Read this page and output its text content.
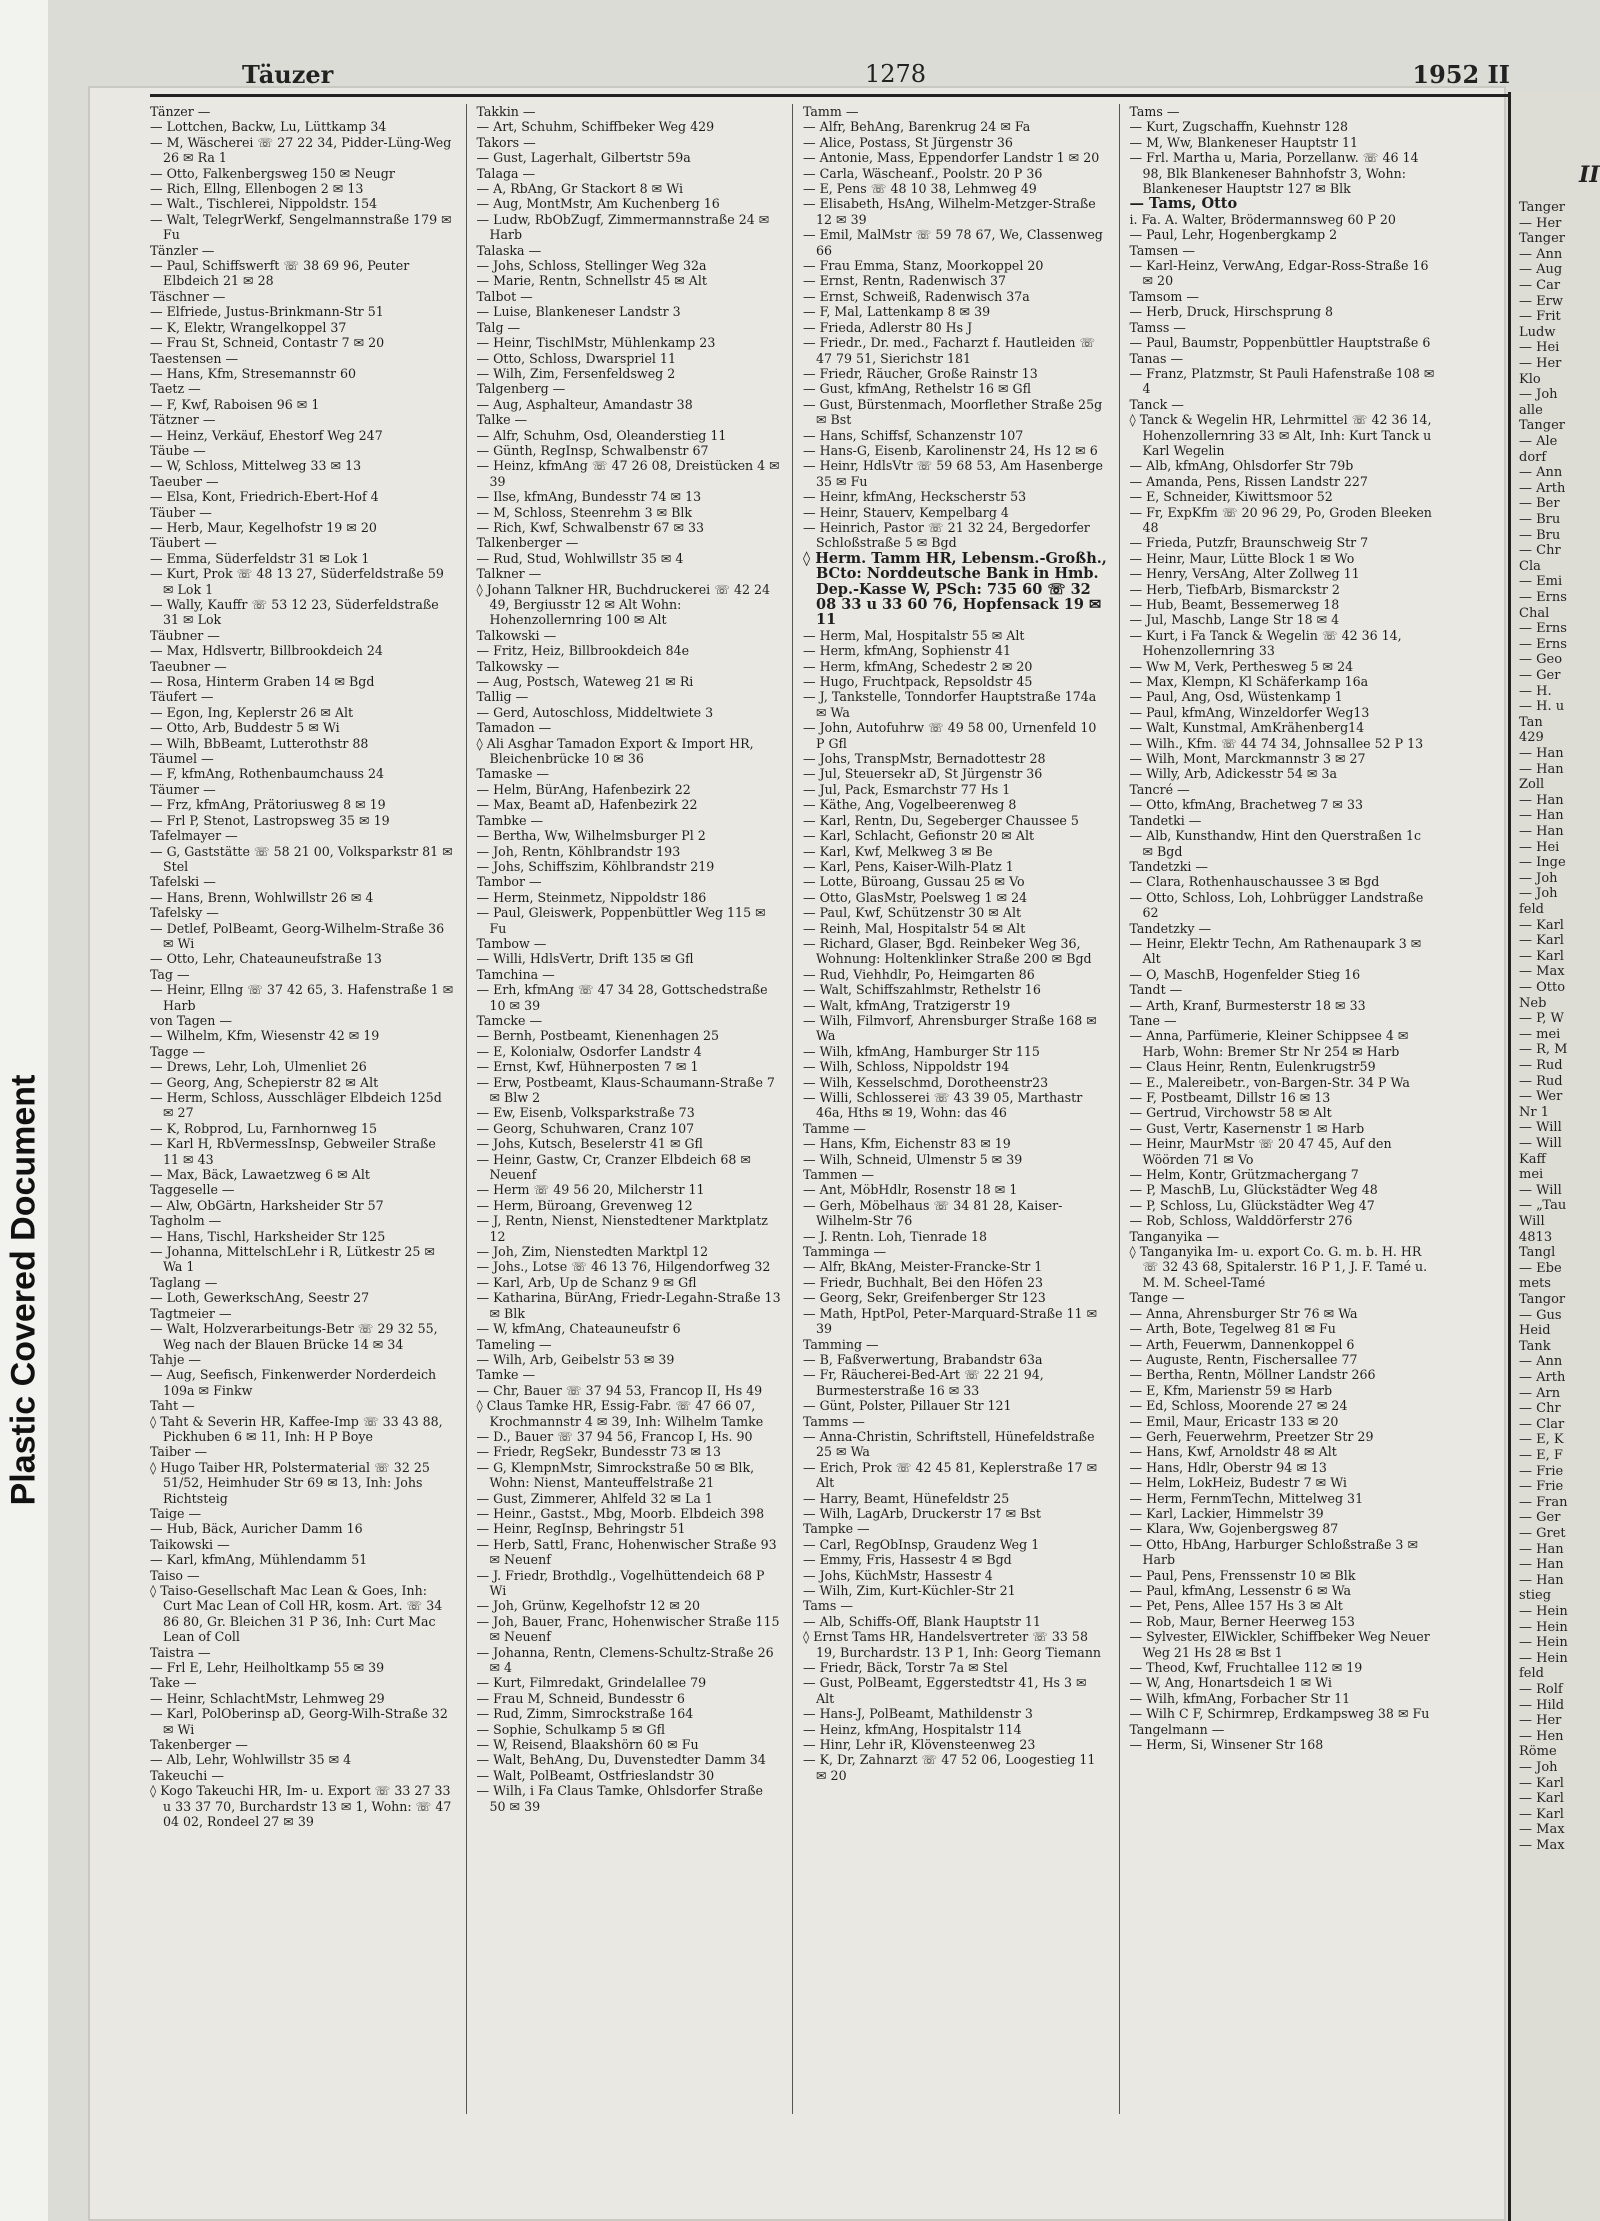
Plastic Covered Document
Täuzer	1278	1952 II
Tänzer —
— Lottchen, Backw, Lu, Lüttkamp 34
— M, Wäscherei ☏ 27 22 34, Pidder-Lüng-Weg 26 ✉ Ra 1
— Otto, Falkenbergsweg 150 ✉ Neugr
— Rich, Ellng, Ellenbogen 2 ✉ 13
— Walt., Tischlerei, Nippoldstr. 154
— Walt, TelegrWerkf, Sengelmannstraße 179 ✉ Fu
Tänzler —
— Paul, Schiffswerft ☏ 38 69 96, Peuter Elbdeich 21 ✉ 28
Täschner —
— Elfriede, Justus-Brinkmann-Str 51
— K, Elektr, Wrangelkoppel 37
— Frau St, Schneid, Contastr 7 ✉ 20
Taestensen —
— Hans, Kfm, Stresemannstr 60
Taetz —
— F, Kwf, Raboisen 96 ✉ 1
Tätzner —
— Heinz, Verkäuf, Ehestorf Weg 247
Täube —
— W, Schloss, Mittelweg 33 ✉ 13
Taeuber —
— Elsa, Kont, Friedrich-Ebert-Hof 4
Täuber —
— Herb, Maur, Kegelhofstr 19 ✉ 20
Täubert —
— Emma, Süderfeldstr 31 ✉ Lok 1
— Kurt, Prok ☏ 48 13 27, Süderfeldstraße 59 ✉ Lok 1
— Wally, Kauffr ☏ 53 12 23, Süderfeldstraße 31 ✉ Lok
Täubner —
— Max, Hdlsvertr, Billbrookdeich 24
Taeubner —
— Rosa, Hinterm Graben 14 ✉ Bgd
Täufert —
— Egon, Ing, Keplerstr 26 ✉ Alt
— Otto, Arb, Buddestr 5 ✉ Wi
— Wilh, BbBeamt, Lutterothstr 88
Täumel —
— F, kfmAng, Rothenbaumchauss 24
Täumer —
— Frz, kfmAng, Prätoriusweg 8 ✉ 19
— Frl P, Stenot, Lastropsweg 35 ✉ 19
Tafelmayer —
— G, Gaststätte ☏ 58 21 00, Volksparkstr 81 ✉ Stel
Tafelski —
— Hans, Brenn, Wohlwillstr 26 ✉ 4
Tafelsky —
— Detlef, PolBeamt, Georg-Wilhelm-Straße 36 ✉ Wi
— Otto, Lehr, Chateauneufstraße 13
Tag —
— Heinr, Ellng ☏ 37 42 65, 3. Hafenstraße 1 ✉ Harb
von Tagen —
— Wilhelm, Kfm, Wiesenstr 42 ✉ 19
Tagge —
— Drews, Lehr, Loh, Ulmenliet 26
— Georg, Ang, Schepierstr 82 ✉ Alt
— Herm, Schloss, Ausschläger Elbdeich 125d ✉ 27
— K, Robprod, Lu, Farnhornweg 15
— Karl H, RbVermessInsp, Gebweiler Straße 11 ✉ 43
— Max, Bäck, Lawaetzweg 6 ✉ Alt
Taggeselle —
— Alw, ObGärtn, Harksheider Str 57
Tagholm —
— Hans, Tischl, Harksheider Str 125
— Johanna, MittelschLehr i R, Lütkestr 25 ✉ Wa 1
Taglang —
— Loth, GewerkschAng, Seestr 27
Tagtmeier —
— Walt, Holzverarbeitungs-Betr ☏ 29 32 55, Weg nach der Blauen Brücke 14 ✉ 34
Tahje —
— Aug, Seefisch, Finkenwerder Norderdeich 109a ✉ Finkw
Taht —
◊ Taht & Severin HR, Kaffee-Imp ☏ 33 43 88, Pickhuben 6 ✉ 11, Inh: H P Boye
Taiber —
◊ Hugo Taiber HR, Polstermaterial ☏ 32 25 51/52, Heimhuder Str 69 ✉ 13, Inh: Johs Richtsteig
Taige —
— Hub, Bäck, Auricher Damm 16
Taikowski —
— Karl, kfmAng, Mühlendamm 51
Taiso —
◊ Taiso-Gesellschaft Mac Lean & Goes, Inh: Curt Mac Lean of Coll HR, kosm. Art. ☏ 34 86 80, Gr. Bleichen 31 P 36, Inh: Curt Mac Lean of Coll
Taistra —
— Frl E, Lehr, Heilholtkamp 55 ✉ 39
Take —
— Heinr, SchlachtMstr, Lehmweg 29
— Karl, PolOberinsp aD, Georg-Wilh-Straße 32 ✉ Wi
Takenberger —
— Alb, Lehr, Wohlwillstr 35 ✉ 4
Takeuchi —
◊ Kogo Takeuchi HR, Im- u. Export ☏ 33 27 33 u 33 37 70, Burchardstr 13 ✉ 1, Wohn: ☏ 47 04 02, Rondeel 27 ✉ 39
Takkin —
— Art, Schuhm, Schiffbeker Weg 429
Takors —
— Gust, Lagerhalt, Gilbertstr 59a
Talaga —
— A, RbAng, Gr Stackort 8 ✉ Wi
— Aug, MontMstr, Am Kuchenberg 16
— Ludw, RbObZugf, Zimmermannstraße 24 ✉ Harb
Talaska —
— Johs, Schloss, Stellinger Weg 32a
— Marie, Rentn, Schnellstr 45 ✉ Alt
Talbot —
— Luise, Blankeneser Landstr 3
Talg —
— Heinr, TischlMstr, Mühlenkamp 23
— Otto, Schloss, Dwarspriel 11
— Wilh, Zim, Fersenfeldsweg 2
Talgenberg —
— Aug, Asphalteur, Amandastr 38
Talke —
— Alfr, Schuhm, Osd, Oleanderstieg 11
— Günth, RegInsp, Schwalbenstr 67
— Heinz, kfmAng ☏ 47 26 08, Dreistücken 4 ✉ 39
— Ilse, kfmAng, Bundesstr 74 ✉ 13
— M, Schloss, Steenrehm 3 ✉ Blk
— Rich, Kwf, Schwalbenstr 67 ✉ 33
Talkenberger —
— Rud, Stud, Wohlwillstr 35 ✉ 4
Talkner —
◊ Johann Talkner HR, Buchdruckerei ☏ 42 24 49, Bergiusstr 12 ✉ Alt Wohn: Hohenzollernring 100 ✉ Alt
Talkowski —
— Fritz, Heiz, Billbrookdeich 84e
Talkowsky —
— Aug, Postsch, Wateweg 21 ✉ Ri
Tallig —
— Gerd, Autoschloss, Middeltwiete 3
Tamadon —
◊ Ali Asghar Tamadon Export & Import HR, Bleichenbrücke 10 ✉ 36
Tamaske —
— Helm, BürAng, Hafenbezirk 22
— Max, Beamt aD, Hafenbezirk 22
Tambke —
— Bertha, Ww, Wilhelmsburger Pl 2
— Joh, Rentn, Köhlbrandstr 193
— Johs, Schiffszim, Köhlbrandstr 219
Tambor —
— Herm, Steinmetz, Nippoldstr 186
— Paul, Gleiswerk, Poppenbüttler Weg 115 ✉ Fu
Tambow —
— Willi, HdlsVertr, Drift 135 ✉ Gfl
Tamchina —
— Erh, kfmAng ☏ 47 34 28, Gottschedstraße 10 ✉ 39
Tamcke —
— Bernh, Postbeamt, Kienenhagen 25
— E, Kolonialw, Osdorfer Landstr 4
— Ernst, Kwf, Hühnerposten 7 ✉ 1
— Erw, Postbeamt, Klaus-Schaumann-Straße 7 ✉ Blw 2
— Ew, Eisenb, Volksparkstraße 73
— Georg, Schuhwaren, Cranz 107
— Johs, Kutsch, Beselerstr 41 ✉ Gfl
— Heinr, Gastw, Cr, Cranzer Elbdeich 68 ✉ Neuenf
— Herm ☏ 49 56 20, Milcherstr 11
— Herm, Büroang, Grevenweg 12
— J, Rentn, Nienst, Nienstedtener Marktplatz 12
— Joh, Zim, Nienstedten Marktpl 12
— Johs., Lotse ☏ 46 13 76, Hilgendorfweg 32
— Karl, Arb, Up de Schanz 9 ✉ Gfl
— Katharina, BürAng, Friedr-Legahn-Straße 13 ✉ Blk
— W, kfmAng, Chateauneufstr 6
Tameling —
— Wilh, Arb, Geibelstr 53 ✉ 39
Tamke —
— Chr, Bauer ☏ 37 94 53, Francop II, Hs 49
◊ Claus Tamke HR, Essig-Fabr. ☏ 47 66 07, Krochmannstr 4 ✉ 39, Inh: Wilhelm Tamke
— D., Bauer ☏ 37 94 56, Francop I, Hs. 90
— Friedr, RegSekr, Bundesstr 73 ✉ 13
— G, KlempnMstr, Simrockstraße 50 ✉ Blk, Wohn: Nienst, Manteuffelstraße 21
— Gust, Zimmerer, Ahlfeld 32 ✉ La 1
— Heinr., Gastst., Mbg, Moorb. Elbdeich 398
— Heinr, RegInsp, Behringstr 51
— Herb, Sattl, Franc, Hohenwischer Straße 93 ✉ Neuenf
— J. Friedr, Brothdlg., Vogelhüttendeich 68 P Wi
— Joh, Grünw, Kegelhofstr 12 ✉ 20
— Joh, Bauer, Franc, Hohenwischer Straße 115 ✉ Neuenf
— Johanna, Rentn, Clemens-Schultz-Straße 26 ✉ 4
— Kurt, Filmredakt, Grindelallee 79
— Frau M, Schneid, Bundesstr 6
— Rud, Zimm, Simrockstraße 164
— Sophie, Schulkamp 5 ✉ Gfl
— W, Reisend, Blaakshörn 60 ✉ Fu
— Walt, BehAng, Du, Duvenstedter Damm 34
— Walt, PolBeamt, Ostfrieslandstr 30
— Wilh, i Fa Claus Tamke, Ohlsdorfer Straße 50 ✉ 39
Tamm —
— Alfr, BehAng, Barenkrug 24 ✉ Fa
— Alice, Postass, St Jürgenstr 36
— Antonie, Mass, Eppendorfer Landstr 1 ✉ 20
— Carla, Wäscheanf., Poolstr. 20 P 36
— E, Pens ☏ 48 10 38, Lehmweg 49
— Elisabeth, HsAng, Wilhelm-Metzger-Straße 12 ✉ 39
— Emil, MalMstr ☏ 59 78 67, We, Classenweg 66
— Frau Emma, Stanz, Moorkoppel 20
— Ernst, Rentn, Radenwisch 37
— Ernst, Schweiß, Radenwisch 37a
— F, Mal, Lattenkamp 8 ✉ 39
— Frieda, Adlerstr 80 Hs J
— Friedr., Dr. med., Facharzt f. Hautleiden ☏ 47 79 51, Sierichstr 181
— Friedr, Räucher, Große Rainstr 13
— Gust, kfmAng, Rethelstr 16 ✉ Gfl
— Gust, Bürstenmach, Moorflether Straße 25g ✉ Bst
— Hans, Schiffsf, Schanzenstr 107
— Hans-G, Eisenb, Karolinenstr 24, Hs 12 ✉ 6
— Heinr, HdlsVtr ☏ 59 68 53, Am Hasenberge 35 ✉ Fu
— Heinr, kfmAng, Heckscherstr 53
— Heinr, Stauerv, Kempelbarg 4
— Heinrich, Pastor ☏ 21 32 24, Bergedorfer Schloßstraße 5 ✉ Bgd
◊ Herm. Tamm HR, Lebensm.-Großh., BCto: Norddeutsche Bank in Hmb. Dep.-Kasse W, PSch: 735 60 ☏ 32 08 33 u 33 60 76, Hopfensack 19 ✉ 11
— Herm, Mal, Hospitalstr 55 ✉ Alt
— Herm, kfmAng, Sophienstr 41
— Herm, kfmAng, Schedestr 2 ✉ 20
— Hugo, Fruchtpack, Repsoldstr 45
— J, Tankstelle, Tonndorfer Hauptstraße 174a ✉ Wa
— John, Autofuhrw ☏ 49 58 00, Urnenfeld 10 P Gfl
— Johs, TranspMstr, Bernadottestr 28
— Jul, Steuersekr aD, St Jürgenstr 36
— Jul, Pack, Esmarchstr 77 Hs 1
— Käthe, Ang, Vogelbeerenweg 8
— Karl, Rentn, Du, Segeberger Chaussee 5
— Karl, Schlacht, Gefionstr 20 ✉ Alt
— Karl, Kwf, Melkweg 3 ✉ Be
— Karl, Pens, Kaiser-Wilh-Platz 1
— Lotte, Büroang, Gussau 25 ✉ Vo
— Otto, GlasMstr, Poelsweg 1 ✉ 24
— Paul, Kwf, Schützenstr 30 ✉ Alt
— Reinh, Mal, Hospitalstr 54 ✉ Alt
— Richard, Glaser, Bgd. Reinbeker Weg 36, Wohnung: Holtenklinker Straße 200 ✉ Bgd
— Rud, Viehhdlr, Po, Heimgarten 86
— Walt, Schiffszahlmstr, Rethelstr 16
— Walt, kfmAng, Tratzigerstr 19
— Wilh, Filmvorf, Ahrensburger Straße 168 ✉ Wa
— Wilh, kfmAng, Hamburger Str 115
— Wilh, Schloss, Nippoldstr 194
— Wilh, Kesselschmd, Dorotheenstr23
— Willi, Schlosserei ☏ 43 39 05, Marthastr 46a, Hths ✉ 19, Wohn: das 46
Tamme —
— Hans, Kfm, Eichenstr 83 ✉ 19
— Wilh, Schneid, Ulmenstr 5 ✉ 39
Tammen —
— Ant, MöbHdlr, Rosenstr 18 ✉ 1
— Gerh, Möbelhaus ☏ 34 81 28, Kaiser-Wilhelm-Str 76
— J. Rentn. Loh, Tienrade 18
Tamminga —
— Alfr, BkAng, Meister-Francke-Str 1
— Friedr, Buchhalt, Bei den Höfen 23
— Georg, Sekr, Greifenberger Str 123
— Math, HptPol, Peter-Marquard-Straße 11 ✉ 39
Tamming —
— B, Faßverwertung, Brabandstr 63a
— Fr, Räucherei-Bed-Art ☏ 22 21 94, Burmesterstraße 16 ✉ 33
— Günt, Polster, Pillauer Str 121
Tamms —
— Anna-Christin, Schriftstell, Hünefeldstraße 25 ✉ Wa
— Erich, Prok ☏ 42 45 81, Keplerstraße 17 ✉ Alt
— Harry, Beamt, Hünefeldstr 25
— Wilh, LagArb, Druckerstr 17 ✉ Bst
Tampke —
— Carl, RegObInsp, Graudenz Weg 1
— Emmy, Fris, Hassestr 4 ✉ Bgd
— Johs, KüchMstr, Hassestr 4
— Wilh, Zim, Kurt-Küchler-Str 21
Tams —
— Alb, Schiffs-Off, Blank Hauptstr 11
◊ Ernst Tams HR, Handelsvertreter ☏ 33 58 19, Burchardstr. 13 P 1, Inh: Georg Tiemann
— Friedr, Bäck, Torstr 7a ✉ Stel
— Gust, PolBeamt, Eggerstedtstr 41, Hs 3 ✉ Alt
— Hans-J, PolBeamt, Mathildenstr 3
— Heinz, kfmAng, Hospitalstr 114
— Hinr, Lehr iR, Klövensteenweg 23
— K, Dr, Zahnarzt ☏ 47 52 06, Loogestieg 11 ✉ 20
Tams —
— Kurt, Zugschaffn, Kuehnstr 128
— M, Ww, Blankeneser Hauptstr 11
— Frl. Martha u, Maria, Porzellanw. ☏ 46 14 98, Blk Blankeneser Bahnhofstr 3, Wohn: Blankeneser Hauptstr 127 ✉ Blk
— Tams, Otto
i. Fa. A. Walter, Brödermannsweg 60 P 20
— Paul, Lehr, Hogenbergkamp 2
Tamsen —
— Karl-Heinz, VerwAng, Edgar-Ross-Straße 16 ✉ 20
Tamsom —
— Herb, Druck, Hirschsprung 8
Tamss —
— Paul, Baumstr, Poppenbüttler Hauptstraße 6
Tanas —
— Franz, Platzmstr, St Pauli Hafenstraße 108 ✉ 4
Tanck —
◊ Tanck & Wegelin HR, Lehrmittel ☏ 42 36 14, Hohenzollernring 33 ✉ Alt, Inh: Kurt Tanck u Karl Wegelin
— Alb, kfmAng, Ohlsdorfer Str 79b
— Amanda, Pens, Rissen Landstr 227
— E, Schneider, Kiwittsmoor 52
— Fr, ExpKfm ☏ 20 96 29, Po, Groden Bleeken 48
— Frieda, Putzfr, Braunschweig Str 7
— Heinr, Maur, Lütte Block 1 ✉ Wo
— Henry, VersAng, Alter Zollweg 11
— Herb, TiefbArb, Bismarckstr 2
— Hub, Beamt, Bessemerweg 18
— Jul, Maschb, Lange Str 18 ✉ 4
— Kurt, i Fa Tanck & Wegelin ☏ 42 36 14, Hohenzollernring 33
— Ww M, Verk, Perthesweg 5 ✉ 24
— Max, Klempn, Kl Schäferkamp 16a
— Paul, Ang, Osd, Wüstenkamp 1
— Paul, kfmAng, Winzeldorfer Weg13
— Walt, Kunstmal, AmKrähenberg14
— Wilh., Kfm. ☏ 44 74 34, Johnsallee 52 P 13
— Wilh, Mont, Marckmannstr 3 ✉ 27
— Willy, Arb, Adickesstr 54 ✉ 3a
Tancré —
— Otto, kfmAng, Brachetweg 7 ✉ 33
Tandetki —
— Alb, Kunsthandw, Hint den Querstraßen 1c ✉ Bgd
Tandetzki —
— Clara, Rothenhauschaussee 3 ✉ Bgd
— Otto, Schloss, Loh, Lohbrügger Landstraße 62
Tandetzky —
— Heinr, Elektr Techn, Am Rathenaupark 3 ✉ Alt
— O, MaschB, Hogenfelder Stieg 16
Tandt —
— Arth, Kranf, Burmesterstr 18 ✉ 33
Tane —
— Anna, Parfümerie, Kleiner Schippsee 4 ✉ Harb, Wohn: Bremer Str Nr 254 ✉ Harb
— Claus Heinr, Rentn, Eulenkrugstr59
— E., Malereibetr., von-Bargen-Str. 34 P Wa
— F, Postbeamt, Dillstr 16 ✉ 13
— Gertrud, Virchowstr 58 ✉ Alt
— Gust, Vertr, Kasernenstr 1 ✉ Harb
— Heinr, MaurMstr ☏ 20 47 45, Auf den Wöörden 71 ✉ Vo
— Helm, Kontr, Grützmachergang 7
— P, MaschB, Lu, Glückstädter Weg 48
— P, Schloss, Lu, Glückstädter Weg 47
— Rob, Schloss, Walddörferstr 276
Tanganyika —
◊ Tanganyika Im- u. export Co. G. m. b. H. HR ☏ 32 43 68, Spitalerstr. 16 P 1, J. F. Tamé u. M. M. Scheel-Tamé
Tange —
— Anna, Ahrensburger Str 76 ✉ Wa
— Arth, Bote, Tegelweg 81 ✉ Fu
— Arth, Feuerwm, Dannenkoppel 6
— Auguste, Rentn, Fischersallee 77
— Bertha, Rentn, Möllner Landstr 266
— E, Kfm, Marienstr 59 ✉ Harb
— Ed, Schloss, Moorende 27 ✉ 24
— Emil, Maur, Ericastr 133 ✉ 20
— Gerh, Feuerwehrm, Preetzer Str 29
— Hans, Kwf, Arnoldstr 48 ✉ Alt
— Hans, Hdlr, Oberstr 94 ✉ 13
— Helm, LokHeiz, Budestr 7 ✉ Wi
— Herm, FernmTechn, Mittelweg 31
— Karl, Lackier, Himmelstr 39
— Klara, Ww, Gojenbergsweg 87
— Otto, HbAng, Harburger Schloßstraße 3 ✉ Harb
— Paul, Pens, Frenssenstr 10 ✉ Blk
— Paul, kfmAng, Lessenstr 6 ✉ Wa
— Pet, Pens, Allee 157 Hs 3 ✉ Alt
— Rob, Maur, Berner Heerweg 153
— Sylvester, ElWickler, Schiffbeker Weg Neuer Weg 21 Hs 28 ✉ Bst 1
— Theod, Kwf, Fruchtallee 112 ✉ 19
— W, Ang, Honartsdeich 1 ✉ Wi
— Wilh, kfmAng, Forbacher Str 11
— Wilh C F, Schirmrep, Erdkampsweg 38 ✉ Fu
Tangelmann —
— Herm, Si, Winsener Str 168
II
Tanger
— Her
Tanger
— Ann
— Aug
— Car
— Erw
— Frit
Ludw
— Hei
— Her
Klo
— Joh
alle
Tanger
— Ale
dorf
— Ann
— Arth
— Ber
— Bru
— Bru
— Chr
Cla
— Emi
— Erns
Chal
— Erns
— Erns
— Geo
— Ger
— H.
— H. u
Tan
429
— Han
— Han
Zoll
— Han
— Han
— Han
— Hei
— Inge
— Joh
— Joh
feld
— Karl
— Karl
— Karl
— Max
— Otto
Neb
— P, W
— mei
— R, M
— Rud
— Rud
— Wer
Nr 1
— Will
— Will
Kaff
mei
— Will
— „Tau
Will
4813
Tangl
— Ebe
mets
Tangor
— Gus
Heid
Tank
— Ann
— Arth
— Arn
— Chr
— Clar
— E, K
— E, F
— Frie
— Frie
— Fran
— Ger
— Gret
— Han
— Han
— Han
stieg
— Hein
— Hein
— Hein
— Hein
feld
— Rolf
— Hild
— Her
— Hen
Röme
— Joh
— Karl
— Karl
— Karl
— Max
— Max
